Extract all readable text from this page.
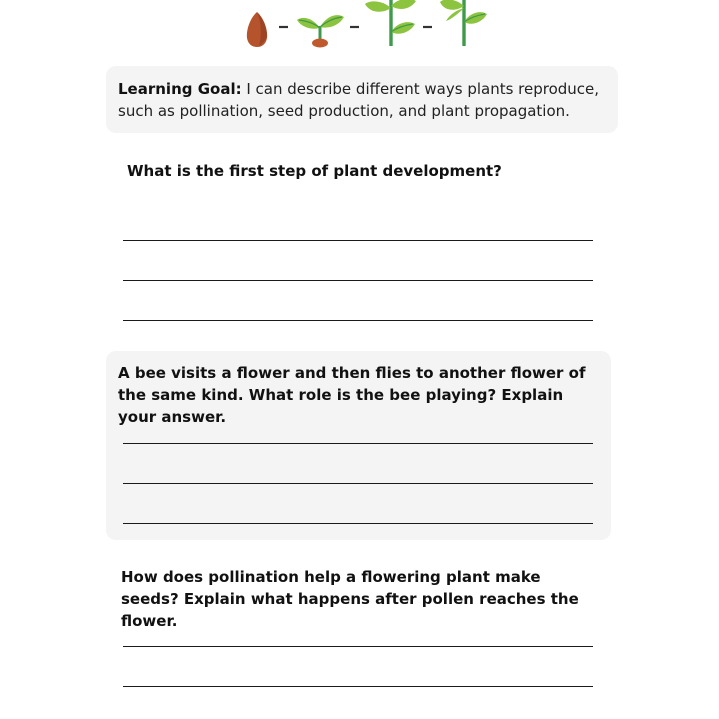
Learning Goal: I can describe different ways plants reproduce, such as pollination, seed production, and plant propagation.
What is the first step of plant development?
A bee visits a flower and then flies to another flower of the same kind. What role is the bee playing? Explain your answer.
How does pollination help a flowering plant make seeds? Explain what happens after pollen reaches the flower.
